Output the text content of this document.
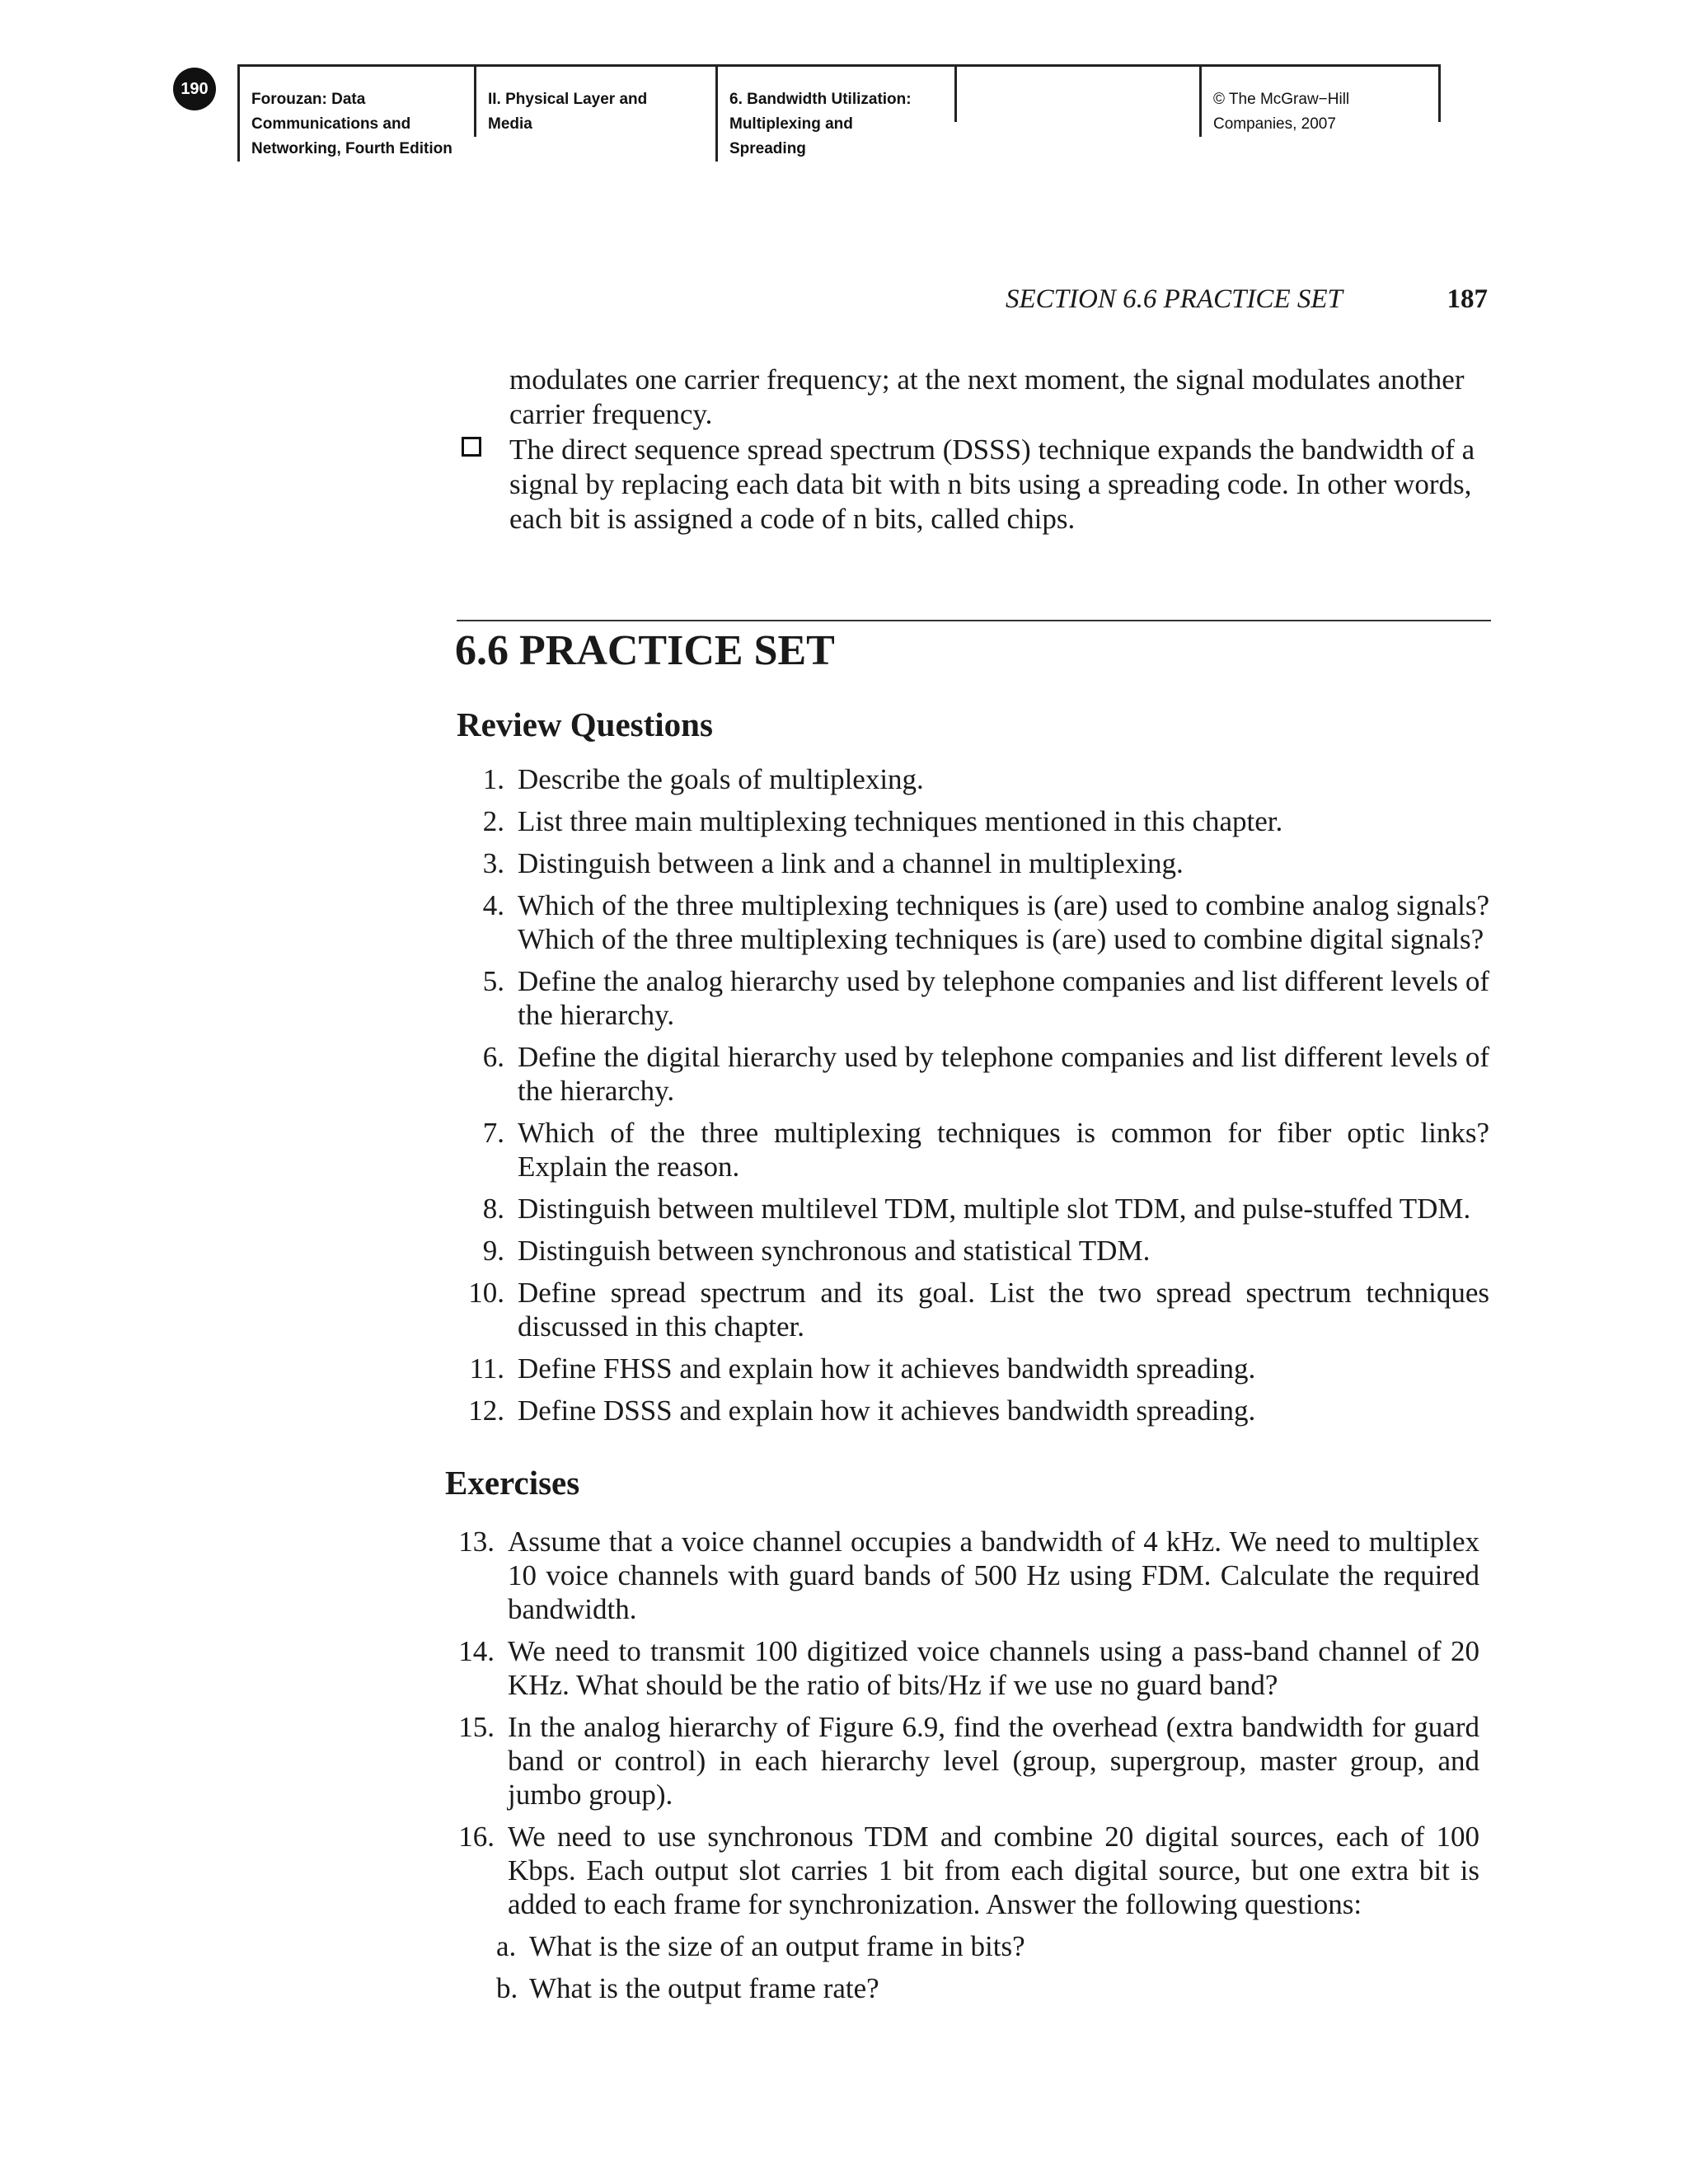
190
Forouzan: Data
Communications and
Networking, Fourth Edition
II. Physical Layer and
Media
6. Bandwidth Utilization:
Multiplexing and
Spreading
© The McGraw−Hill
Companies, 2007
SECTION 6.6 PRACTICE SET	187

modulates one carrier frequency; at the next moment, the signal modulates another carrier frequency.

The direct sequence spread spectrum (DSSS) technique expands the bandwidth of a signal by replacing each data bit with n bits using a spreading code. In other words, each bit is assigned a code of n bits, called chips.

6.6 PRACTICE SET
Review Questions
1. Describe the goals of multiplexing.
2. List three main multiplexing techniques mentioned in this chapter.
3. Distinguish between a link and a channel in multiplexing.
4. Which of the three multiplexing techniques is (are) used to combine analog signals? Which of the three multiplexing techniques is (are) used to combine digital signals?
5. Define the analog hierarchy used by telephone companies and list different levels of the hierarchy.
6. Define the digital hierarchy used by telephone companies and list different levels of the hierarchy.
7. Which of the three multiplexing techniques is common for fiber optic links? Explain the reason.
8. Distinguish between multilevel TDM, multiple slot TDM, and pulse-stuffed TDM.
9. Distinguish between synchronous and statistical TDM.
10. Define spread spectrum and its goal. List the two spread spectrum techniques discussed in this chapter.
11. Define FHSS and explain how it achieves bandwidth spreading.
12. Define DSSS and explain how it achieves bandwidth spreading.
Exercises
13. Assume that a voice channel occupies a bandwidth of 4 kHz. We need to multiplex 10 voice channels with guard bands of 500 Hz using FDM. Calculate the required bandwidth.
14. We need to transmit 100 digitized voice channels using a pass-band channel of 20 KHz. What should be the ratio of bits/Hz if we use no guard band?
15. In the analog hierarchy of Figure 6.9, find the overhead (extra bandwidth for guard band or control) in each hierarchy level (group, supergroup, master group, and jumbo group).
16. We need to use synchronous TDM and combine 20 digital sources, each of 100 Kbps. Each output slot carries 1 bit from each digital source, but one extra bit is added to each frame for synchronization. Answer the following questions:
a. What is the size of an output frame in bits?
b. What is the output frame rate?
